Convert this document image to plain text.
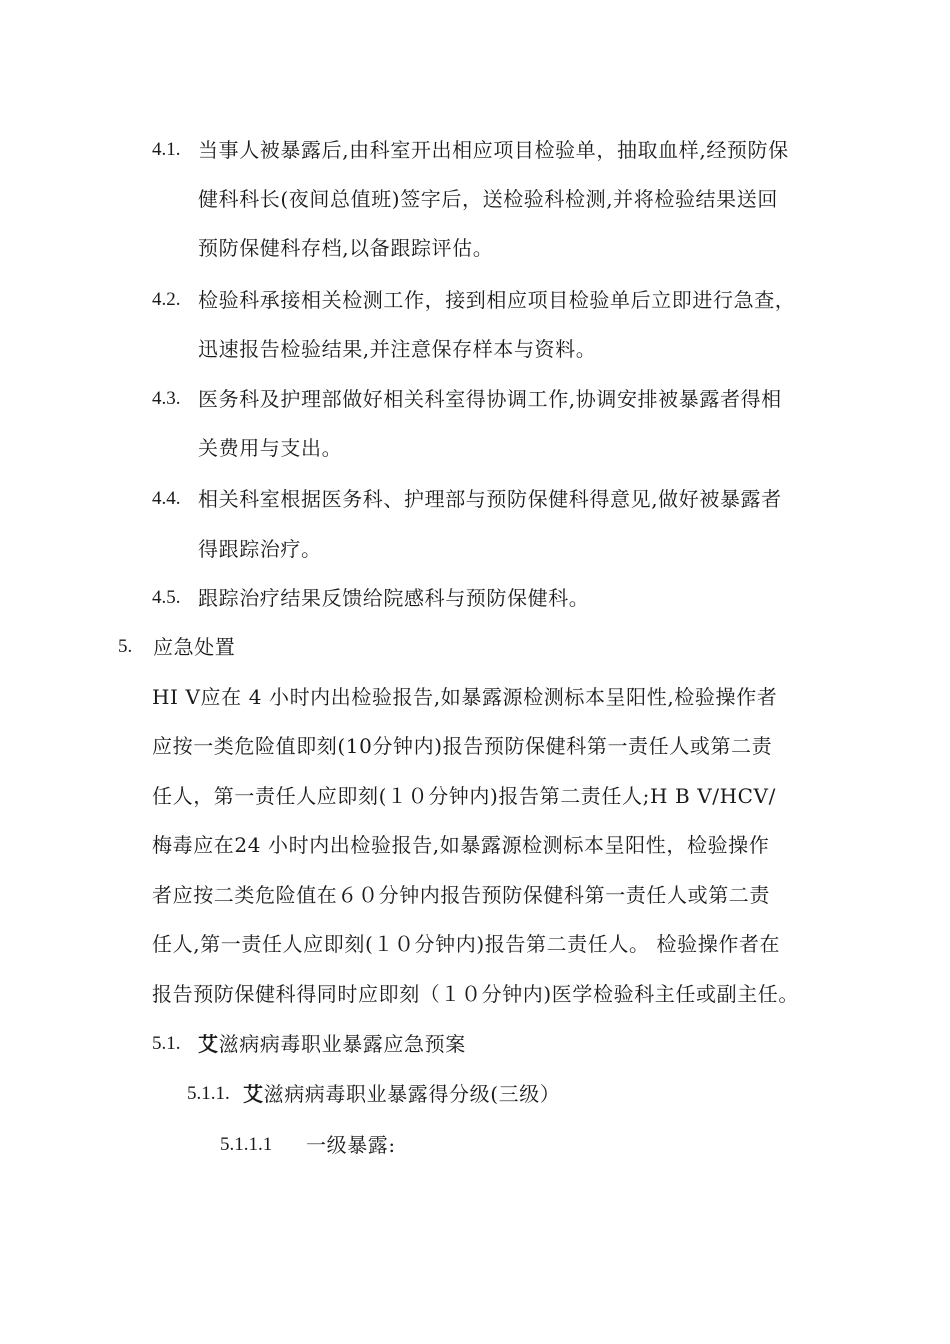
4.1. 当事人被暴露后,由科室开出相应项目检验单，抽取血样,经预防保
健科科长(夜间总值班)签字后，送检验科检测,并将检验结果送回
预防保健科存档,以备跟踪评估。
4.2. 检验科承接相关检测工作，接到相应项目检验单后立即进行急查，
迅速报告检验结果,并注意保存样本与资料。
4.3. 医务科及护理部做好相关科室得协调工作,协调安排被暴露者得相
关费用与支出。
4.4. 相关科室根据医务科、护理部与预防保健科得意见,做好被暴露者
得跟踪治疗。
4.5. 跟踪治疗结果反馈给院感科与预防保健科。
5. 应急处置
HI V应在 4 小时内出检验报告,如暴露源检测标本呈阳性,检验操作者
应按一类危险值即刻(10分钟内)报告预防保健科第一责任人或第二责
任人，第一责任人应即刻(１０分钟内)报告第二责任人;H B V/HCV/
梅毒应在24 小时内出检验报告,如暴露源检测标本呈阳性，检验操作
者应按二类危险值在６０分钟内报告预防保健科第一责任人或第二责
任人,第一责任人应即刻(１０分钟内)报告第二责任人。 检验操作者在
报告预防保健科得同时应即刻（１０分钟内)医学检验科主任或副主任。
5.1. 艾滋病病毒职业暴露应急预案
5.1.1. 艾滋病病毒职业暴露得分级(三级）
5.1.1.1 一级暴露:
